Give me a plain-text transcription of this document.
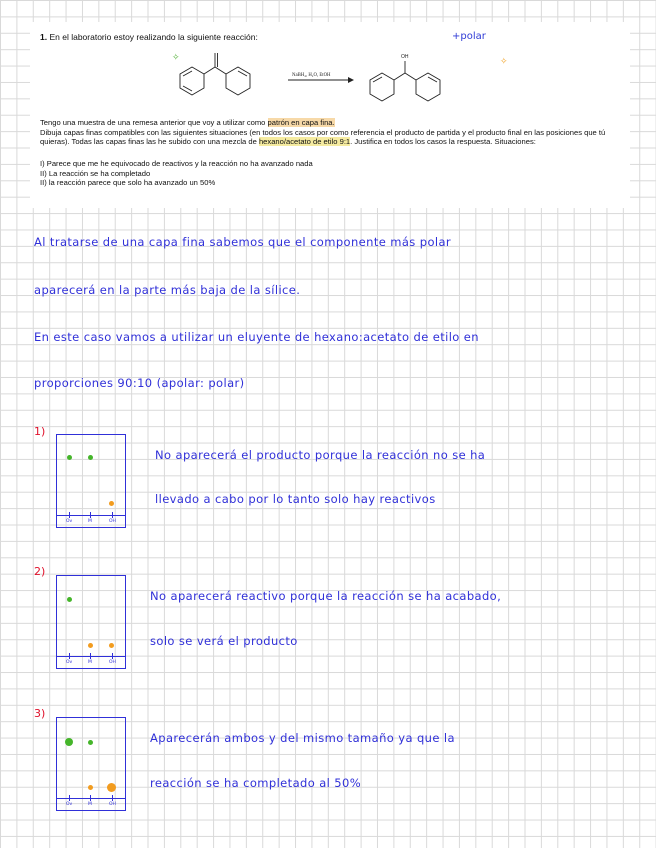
1. En el laboratorio estoy realizando la siguiente reacción:
NaBH₄, H₂O, EtOH
OH
+polar
✧	✧
Tengo una muestra de una remesa anterior que voy a utilizar como patrón en capa fina.
Dibuja capas finas compatibles con las siguientes situaciones (en todos los casos por como referencia el producto de partida y el producto final en las posiciones que tú quieras). Todas las capas finas las he subido con una mezcla de hexano/acetato de etilo 9:1. Justifica en todos los casos la respuesta. Situaciones:
I) Parece que me he equivocado de reactivos y la reacción no ha avanzado nada
II) La reacción se ha completado
II) la reacción parece que solo ha avanzado un 50%
Al tratarse de una capa fina sabemos que el componente más polar
aparecerá en la parte más baja de la sílice.
En este caso vamos a utilizar un eluyente de hexano:acetato de etilo en
proporciones 90:10 (apolar: polar)
1)
Ov	M	OH
No aparecerá el producto porque la reacción no se ha
llevado a cabo por lo tanto solo hay reactivos
2)
Ov	M	OH
No aparecerá reactivo porque la reacción se ha acabado,
solo se verá el producto
3)
Ov	M	OH
Aparecerán ambos y del mismo tamaño ya que la
reacción se ha completado al 50%
